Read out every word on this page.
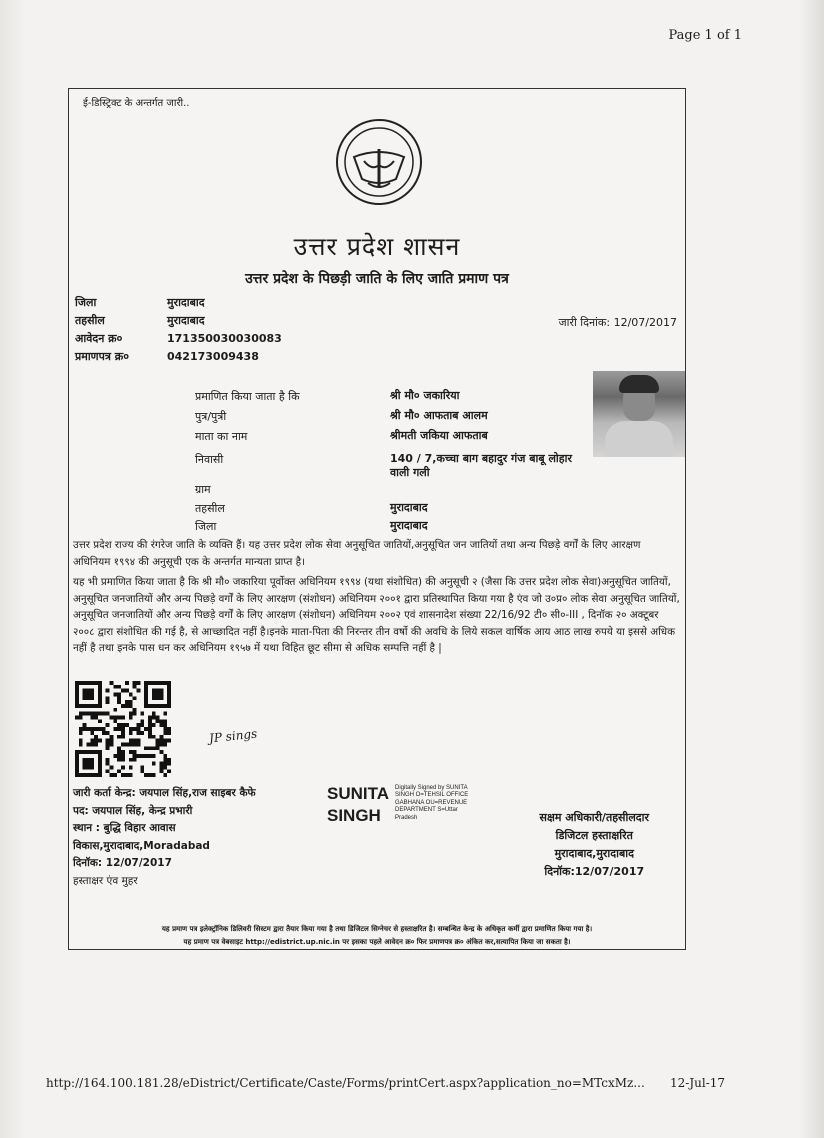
Page 1 of 1
ई-डिस्ट्रिक्ट के अन्तर्गत जारी..
उत्तर प्रदेश शासन
उत्तर प्रदेश के पिछड़ी जाति के लिए जाति प्रमाण पत्र
जिला	मुरादाबाद
तहसील	मुरादाबाद
आवेदन क्र०	171350030030083
प्रमाणपत्र क्र०	042173009438
जारी दिनांक: 12/07/2017
प्रमाणित किया जाता है कि	श्री मौ० जकारिया
पुत्र/पुत्री	श्री मौ० आफताब आलम
माता का नाम	श्रीमती जकिया आफताब
निवासी	140 / 7,कच्चा बाग बहादुर गंज बाबू लोहार वाली गली
ग्राम
तहसील	मुरादाबाद
जिला	मुरादाबाद
उत्तर प्रदेश राज्य की रंगरेज जाति के व्यक्ति हैं। यह उत्तर प्रदेश लोक सेवा अनुसूचित जातियों,अनुसूचित जन जातियों तथा अन्य पिछड़े वर्गों के लिए आरक्षण अधिनियम १९९४ की अनुसूची एक के अन्तर्गत मान्यता प्राप्त है।
यह भी प्रमाणित किया जाता है कि श्री मौ० जकारिया पूर्वोक्त अधिनियम १९९४ (यथा संशोधित) की अनुसूची २ (जैसा कि उत्तर प्रदेश लोक सेवा)अनुसूचित जातियों, अनुसूचित जनजातियों और अन्य पिछड़े वर्गों के लिए आरक्षण (संशोधन) अधिनियम २००१ द्वारा प्रतिस्थापित किया गया है एंव जो उ०प्र० लोक सेवा अनुसूचित जातियों, अनुसूचित जनजातियों और अन्य पिछड़े वर्गों के लिए आरक्षण (संशोधन) अधिनियम २००२ एवं शासनादेश संख्या 22/16/92 टी० सी०-III , दिनॉक २० अक्टूबर २००८ द्वारा संशोधित की गई है, से आच्छादित नहीं है।इनके माता-पिता की निरन्तर तीन वर्षो की अवधि के लिये सकल वार्षिक आय आठ लाख रुपये या इससे अधिक नहीं है तथा इनके पास धन कर अधिनियम १९५७ में यथा विहित छूट सीमा से अधिक सम्पत्ति नहीं है |
JP sings
जारी कर्ता केन्द्र: जयपाल सिंह,राज साइबर कैफे
पद: जयपाल सिंह, केन्द्र प्रभारी
स्थान : बुद्धि विहार आवास
विकास,मुरादाबाद,Moradabad
दिनॉक: 12/07/2017
हस्ताक्षर एंव मुहर
SUNITA
SINGH
Digitally Signed by SUNITA SINGH O=TEHSIL OFFICE GABHANA OU=REVENUE DEPARTMENT S=Uttar Pradesh	सक्षम अधिकारी/तहसीलदार
डिजिटल हस्ताक्षरित
मुरादाबाद,मुरादाबाद
दिनॉक:12/07/2017
यह प्रमाण पत्र इलेक्ट्रॉनिक डिलिवरी सिस्टम द्वारा तैयार किया गया है तथा डिजिटल सिग्नेचर से हस्ताक्षरित है। सम्बन्धित केन्द्र के अधिकृत कर्मी द्वारा प्रमाणित किया गया है।
यह प्रमाण पत्र वेबसाइट http://edistrict.up.nic.in पर इसका पहले आवेदन क्र० फिर प्रमाणपत्र क्र० अंकित कर,सत्यापित किया जा सकता है।
http://164.100.181.28/eDistrict/Certificate/Caste/Forms/printCert.aspx?application_no=MTcxMz... 12-Jul-17
